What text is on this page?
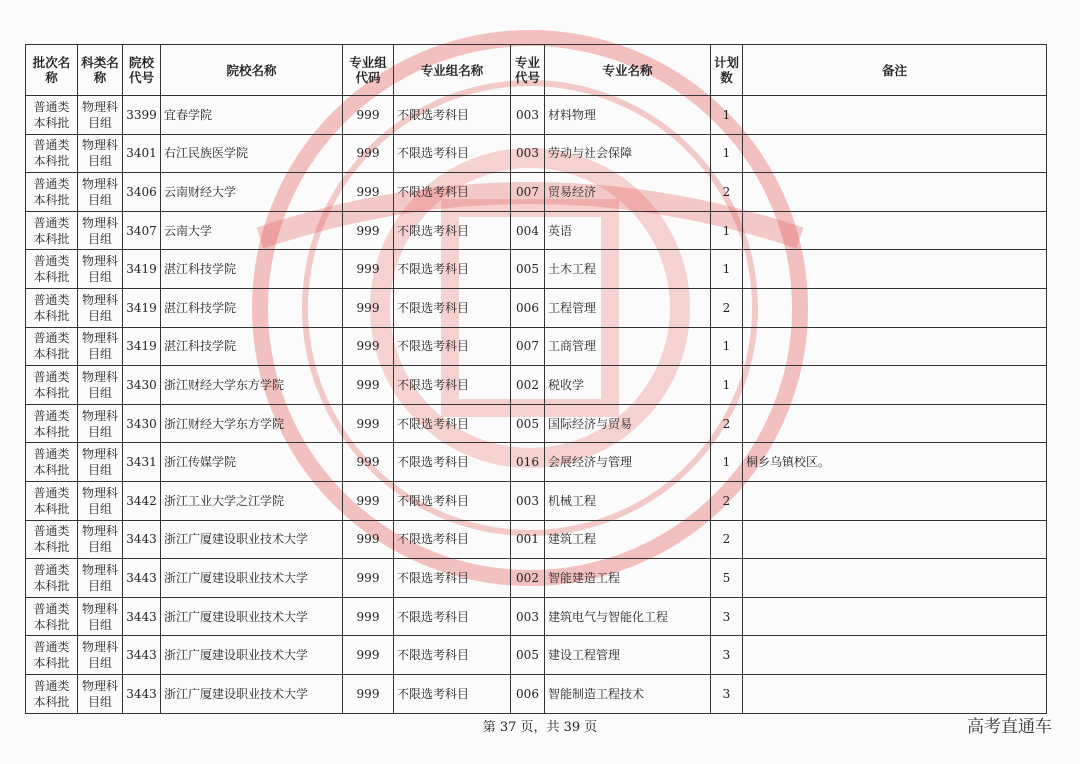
批次名称	科类名称	院校代号	院校名称	专业组代码	专业组名称	专业代号	专业名称	计划数	备注
普通类本科批	物理科目组	3399	宜春学院	999	不限选考科目	003	材料物理	1	
普通类本科批	物理科目组	3401	右江民族医学院	999	不限选考科目	003	劳动与社会保障	1	
普通类本科批	物理科目组	3406	云南财经大学	999	不限选考科目	007	贸易经济	2	
普通类本科批	物理科目组	3407	云南大学	999	不限选考科目	004	英语	1	
普通类本科批	物理科目组	3419	湛江科技学院	999	不限选考科目	005	土木工程	1	
普通类本科批	物理科目组	3419	湛江科技学院	999	不限选考科目	006	工程管理	2	
普通类本科批	物理科目组	3419	湛江科技学院	999	不限选考科目	007	工商管理	1	
普通类本科批	物理科目组	3430	浙江财经大学东方学院	999	不限选考科目	002	税收学	1	
普通类本科批	物理科目组	3430	浙江财经大学东方学院	999	不限选考科目	005	国际经济与贸易	2	
普通类本科批	物理科目组	3431	浙江传媒学院	999	不限选考科目	016	会展经济与管理	1	桐乡乌镇校区。
普通类本科批	物理科目组	3442	浙江工业大学之江学院	999	不限选考科目	003	机械工程	2	
普通类本科批	物理科目组	3443	浙江广厦建设职业技术大学	999	不限选考科目	001	建筑工程	2	
普通类本科批	物理科目组	3443	浙江广厦建设职业技术大学	999	不限选考科目	002	智能建造工程	5	
普通类本科批	物理科目组	3443	浙江广厦建设职业技术大学	999	不限选考科目	003	建筑电气与智能化工程	3	
普通类本科批	物理科目组	3443	浙江广厦建设职业技术大学	999	不限选考科目	005	建设工程管理	3	
普通类本科批	物理科目组	3443	浙江广厦建设职业技术大学	999	不限选考科目	006	智能制造工程技术	3	
第 37 页，共 39 页	高考直通车
